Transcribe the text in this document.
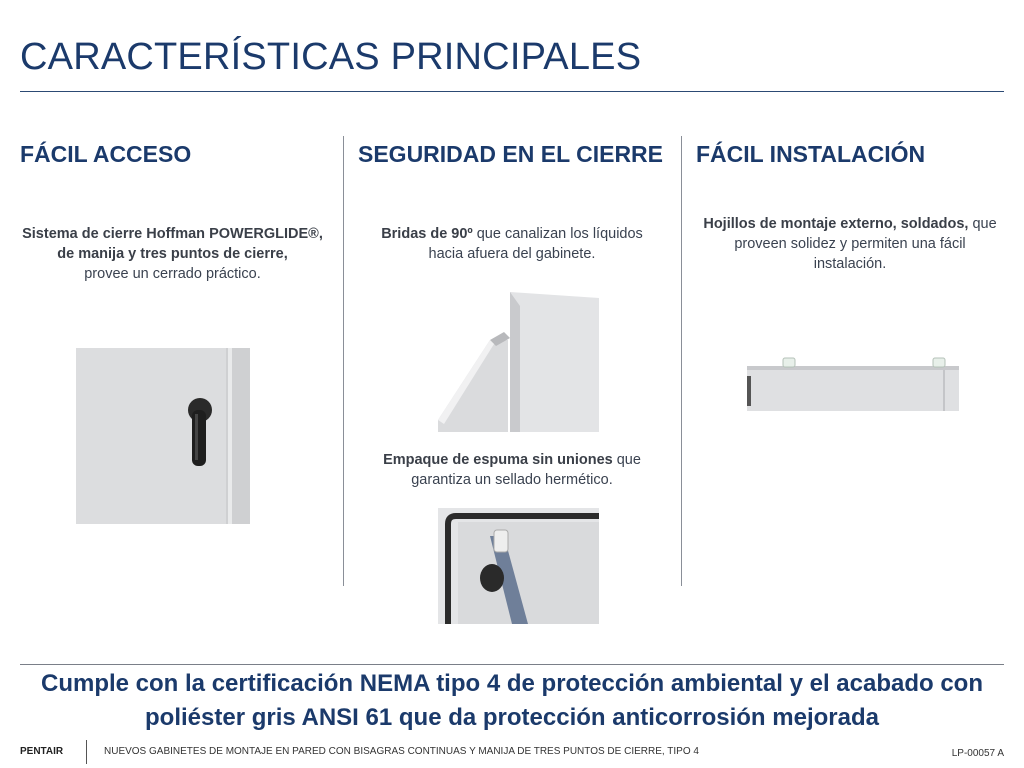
CARACTERÍSTICAS PRINCIPALES
FÁCIL ACCESO
Sistema de cierre Hoffman POWERGLIDE®, de manija y tres puntos de cierre,
provee un cerrado práctico.
SEGURIDAD EN EL CIERRE
Bridas de 90º que canalizan los líquidos hacia afuera del gabinete.
Empaque de espuma sin uniones que garantiza un sellado hermético.
FÁCIL INSTALACIÓN
Hojillos de montaje externo, soldados, que proveen solidez y permiten una fácil instalación.
Cumple con la certificación NEMA tipo 4 de protección ambiental y el acabado con poliéster gris ANSI 61 que da protección anticorrosión mejorada
PENTAIR	NUEVOS GABINETES DE MONTAJE EN PARED CON BISAGRAS CONTINUAS Y MANIJA DE TRES PUNTOS DE CIERRE, TIPO 4	LP-00057 A
